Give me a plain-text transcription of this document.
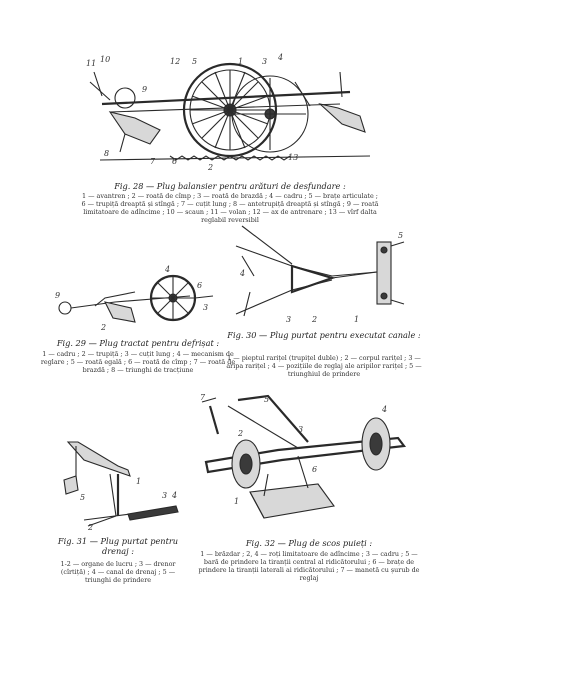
11 10
9
12 5	1 3 4
8
7 6
2
13
Fig. 28 — Plug balansier pentru arături de desfundare :
1 — avantren ; 2 — roată de cîmp ; 3 — roată de brazdă ; 4 — cadru ; 5 — brațe articulate ; 6 — trupiță dreaptă și stîngă ; 7 — cuțit lung ; 8 — antetrupiță dreaptă și stîngă ; 9 — roată limitatoare de adîncime ; 10 — scaun ; 11 — volan ; 12 — ax de antrenare ; 13 — vîrf dalta reglabil reversibil
9
4
6
3
2
Fig. 29 — Plug tractat pentru defrișat :
1 — cadru ; 2 — trupiță ; 3 — cuțit lung ; 4 — mecanism de reglare ; 5 — roată egală ; 6 — roată de cîmp ; 7 — roată de brazdă ; 8 — triunghi de tracțiune
5
4
3	2	1
Fig. 30 — Plug purtat pentru executat canale :
1 — pieptul rarițel (trupițel duble) ; 2 — corpul rarițel ; 3 — aripa rarițel ; 4 — pozițiile de reglaj ale aripilor rarițel ; 5 — triunghiul de prindere
5
1
2
3 4
Fig. 31 — Plug purtat pentru drenaj :
1-2 — organe de lucru ; 3 — drenor (cîrtiță) ; 4 — canal de drenaj ; 5 — triunghi de prindere
7	5
4
3
2
1
6
Fig. 32 — Plug de scos puieți :
1 — brăzdar ; 2, 4 — roți limitatoare de adîncime ; 3 — cadru ; 5 — bară de prindere la tiranții central al ridicătorului ; 6 — brațe de prindere la tiranții laterali ai ridicătorului ; 7 — manetă cu șurub de reglaj
